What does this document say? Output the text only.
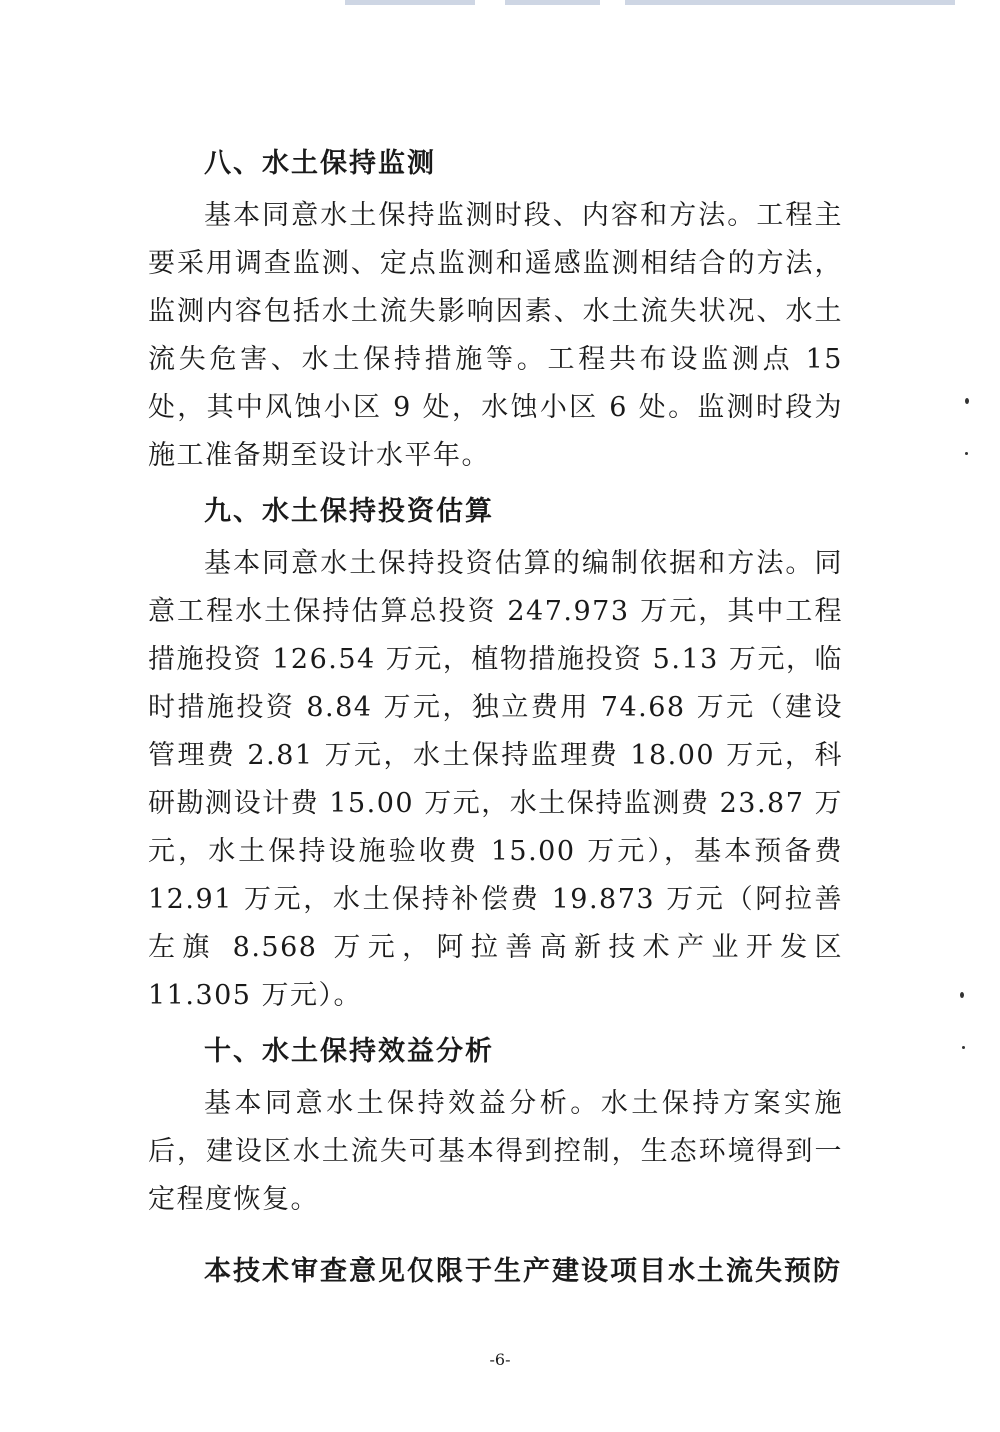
八、水土保持监测

基本同意水土保持监测时段、内容和方法。工程主要采用调查监测、定点监测和遥感监测相结合的方法，监测内容包括水土流失影响因素、水土流失状况、水土流失危害、水土保持措施等。工程共布设监测点 15 处，其中风蚀小区 9 处，水蚀小区 6 处。监测时段为施工准备期至设计水平年。

九、水土保持投资估算

基本同意水土保持投资估算的编制依据和方法。同意工程水土保持估算总投资 247.973 万元，其中工程措施投资 126.54 万元，植物措施投资 5.13 万元，临时措施投资 8.84 万元，独立费用 74.68 万元（建设管理费 2.81 万元，水土保持监理费 18.00 万元，科研勘测设计费 15.00 万元，水土保持监测费 23.87 万元，水土保持设施验收费 15.00 万元），基本预备费 12.91 万元，水土保持补偿费 19.873 万元（阿拉善左旗 8.568 万元，阿拉善高新技术产业开发区 11.305 万元）。

十、水土保持效益分析

基本同意水土保持效益分析。水土保持方案实施后，建设区水土流失可基本得到控制，生态环境得到一定程度恢复。

本技术审查意见仅限于生产建设项目水土流失预防

-6-
